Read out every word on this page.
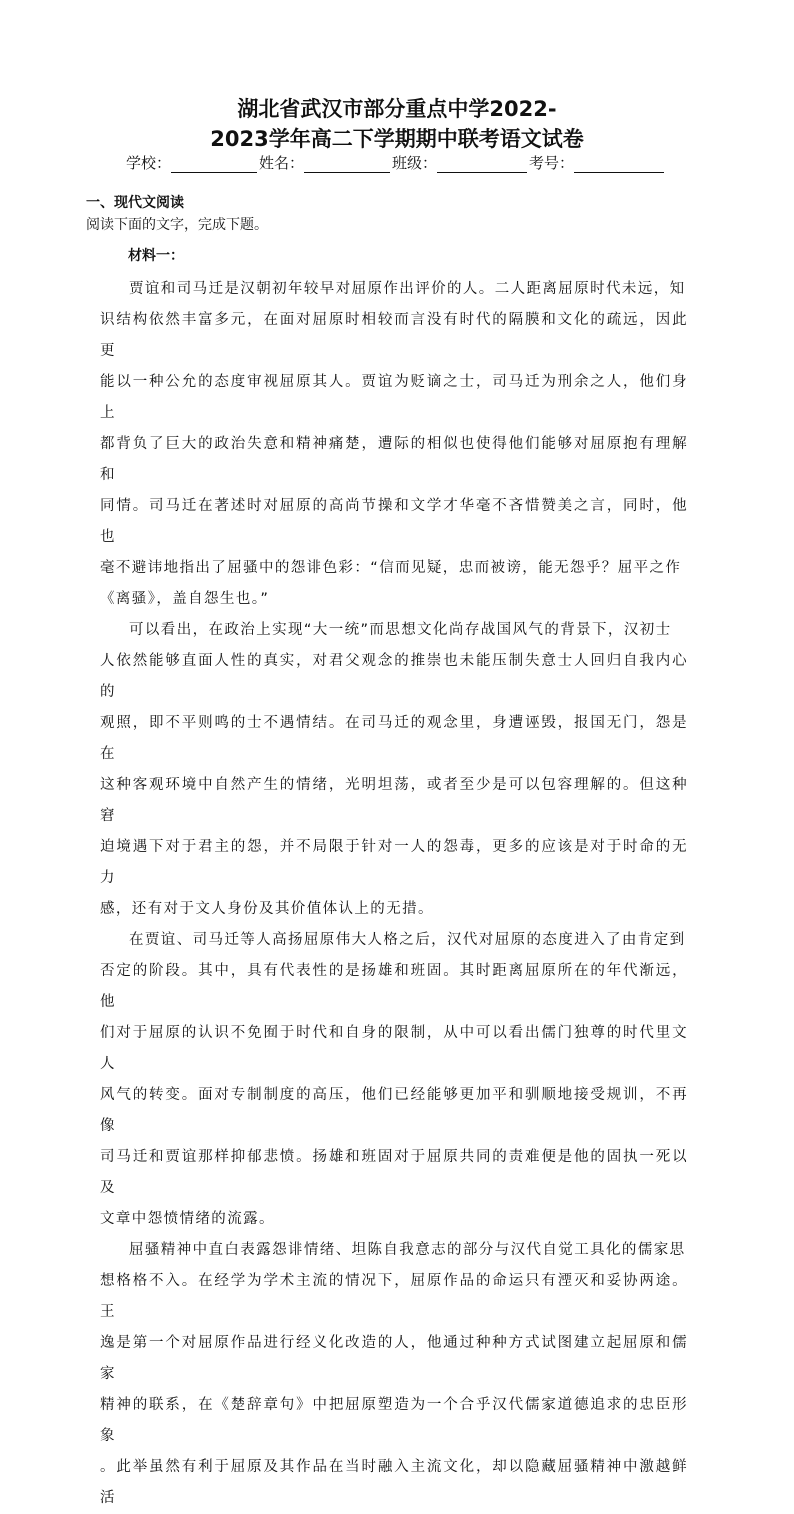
湖北省武汉市部分重点中学2022-
2023学年高二下学期期中联考语文试卷
学校：	姓名：	班级：	考号：
一、现代文阅读
阅读下面的文字，完成下题。
材料一：
贾谊和司马迁是汉朝初年较早对屈原作出评价的人。二人距离屈原时代未远，知
识结构依然丰富多元，在面对屈原时相较而言没有时代的隔膜和文化的疏远，因此更
能以一种公允的态度审视屈原其人。贾谊为贬谪之士，司马迁为刑余之人，他们身上
都背负了巨大的政治失意和精神痛楚，遭际的相似也使得他们能够对屈原抱有理解和
同情。司马迁在著述时对屈原的高尚节操和文学才华毫不吝惜赞美之言，同时，他也
毫不避讳地指出了屈骚中的怨诽色彩：“信而见疑，忠而被谤，能无怨乎？屈平之作
《离骚》，盖自怨生也。”
可以看出，在政治上实现“大一统”而思想文化尚存战国风气的背景下，汉初士
人依然能够直面人性的真实，对君父观念的推崇也未能压制失意士人回归自我内心的
观照，即不平则鸣的士不遇情结。在司马迁的观念里，身遭诬毁，报国无门，怨是在
这种客观环境中自然产生的情绪，光明坦荡，或者至少是可以包容理解的。但这种窘
迫境遇下对于君主的怨，并不局限于针对一人的怨毒，更多的应该是对于时命的无力
感，还有对于文人身份及其价值体认上的无措。
在贾谊、司马迁等人高扬屈原伟大人格之后，汉代对屈原的态度进入了由肯定到
否定的阶段。其中，具有代表性的是扬雄和班固。其时距离屈原所在的年代渐远，他
们对于屈原的认识不免囿于时代和自身的限制，从中可以看出儒门独尊的时代里文人
风气的转变。面对专制制度的高压，他们已经能够更加平和驯顺地接受规训，不再像
司马迁和贾谊那样抑郁悲愤。扬雄和班固对于屈原共同的责难便是他的固执一死以及
文章中怨愤情绪的流露。
屈骚精神中直白表露怨诽情绪、坦陈自我意志的部分与汉代自觉工具化的儒家思
想格格不入。在经学为学术主流的情况下，屈原作品的命运只有湮灭和妥协两途。王
逸是第一个对屈原作品进行经义化改造的人，他通过种种方式试图建立起屈原和儒家
精神的联系，在《楚辞章句》中把屈原塑造为一个合乎汉代儒家道德追求的忠臣形象
。此举虽然有利于屈原及其作品在当时融入主流文化，却以隐藏屈骚精神中激越鲜活
